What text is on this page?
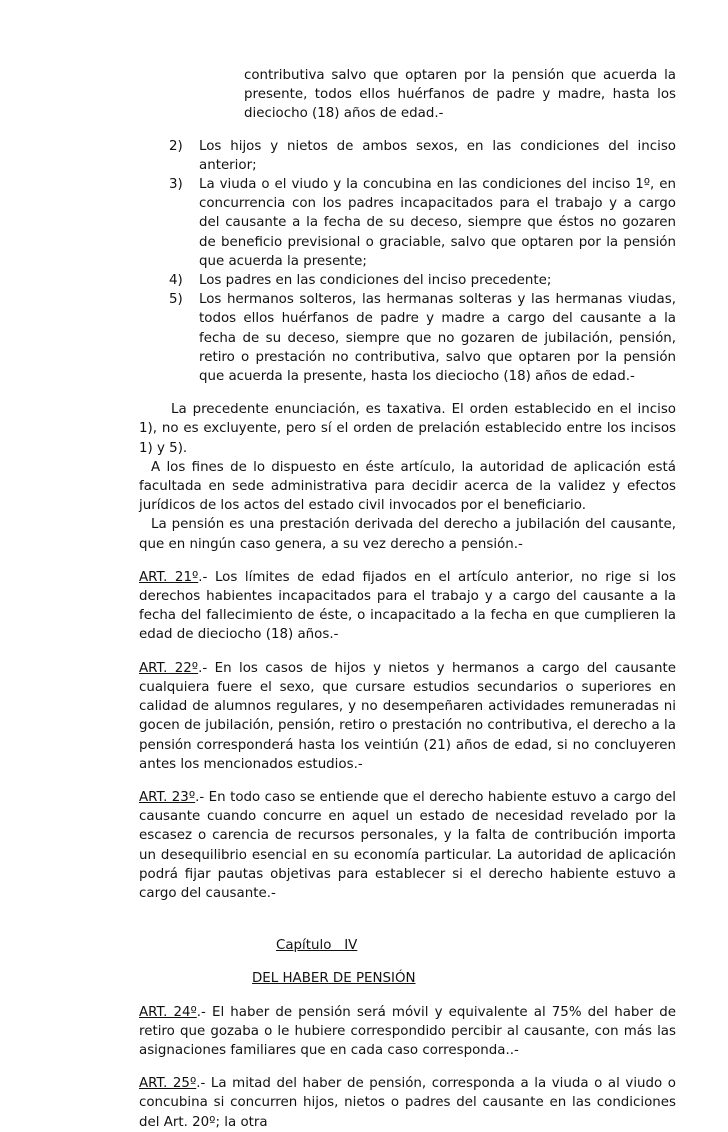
contributiva salvo que optaren por la pensión que acuerda la presente, todos ellos huérfanos de padre y madre, hasta los dieciocho (18) años de edad.-

2) Los hijos y nietos de ambos sexos, en las condiciones del inciso anterior;
3) La viuda o el viudo y la concubina en las condiciones del inciso 1º, en concurrencia con los padres incapacitados para el trabajo y a cargo del causante a la fecha de su deceso, siempre que éstos no gozaren de beneficio previsional o graciable, salvo que optaren por la pensión que acuerda la presente;
4) Los padres en las condiciones del inciso precedente;
5) Los hermanos solteros, las hermanas solteras y las hermanas viudas, todos ellos huérfanos de padre y madre a cargo del causante a la fecha de su deceso, siempre que no gozaren de jubilación, pensión, retiro o prestación no contributiva, salvo que optaren por la pensión que acuerda la presente, hasta los dieciocho (18) años de edad.-

La precedente enunciación, es taxativa. El orden establecido en el inciso 1), no es excluyente, pero sí el orden de prelación establecido entre los incisos 1) y 5).

A los fines de lo dispuesto en éste artículo, la autoridad de aplicación está facultada en sede administrativa para decidir acerca de la validez y efectos jurídicos de los actos del estado civil invocados por el beneficiario.

La pensión es una prestación derivada del derecho a jubilación del causante, que en ningún caso genera, a su vez derecho a pensión.-

ART. 21º.- Los límites de edad fijados en el artículo anterior, no rige si los derechos habientes incapacitados para el trabajo y a cargo del causante a la fecha del fallecimiento de éste, o incapacitado a la fecha en que cumplieren la edad de dieciocho (18) años.-

ART. 22º.- En los casos de hijos y nietos y hermanos a cargo del causante cualquiera fuere el sexo, que cursare estudios secundarios o superiores en calidad de alumnos regulares, y no desempeñaren actividades remuneradas ni gocen de jubilación, pensión, retiro o prestación no contributiva, el derecho a la pensión corresponderá hasta los veintiún (21) años de edad, si no concluyeren antes los mencionados estudios.-

ART. 23º.- En todo caso se entiende que el derecho habiente estuvo a cargo del causante cuando concurre en aquel un estado de necesidad revelado por la escasez o carencia de recursos personales, y la falta de contribución importa un desequilibrio esencial en su economía particular. La autoridad de aplicación podrá fijar pautas objetivas para establecer si el derecho habiente estuvo a cargo del causante.-

Capítulo   IV
DEL HABER DE PENSIÓN

ART. 24º.- El haber de pensión será móvil y equivalente al 75% del haber de retiro que gozaba o le hubiere correspondido percibir al causante, con más las asignaciones familiares que en cada caso corresponda..-

ART. 25º.- La mitad del haber de pensión, corresponda a la viuda o al viudo o concubina si concurren hijos, nietos o padres del causante en las condiciones del Art. 20º; la otra
